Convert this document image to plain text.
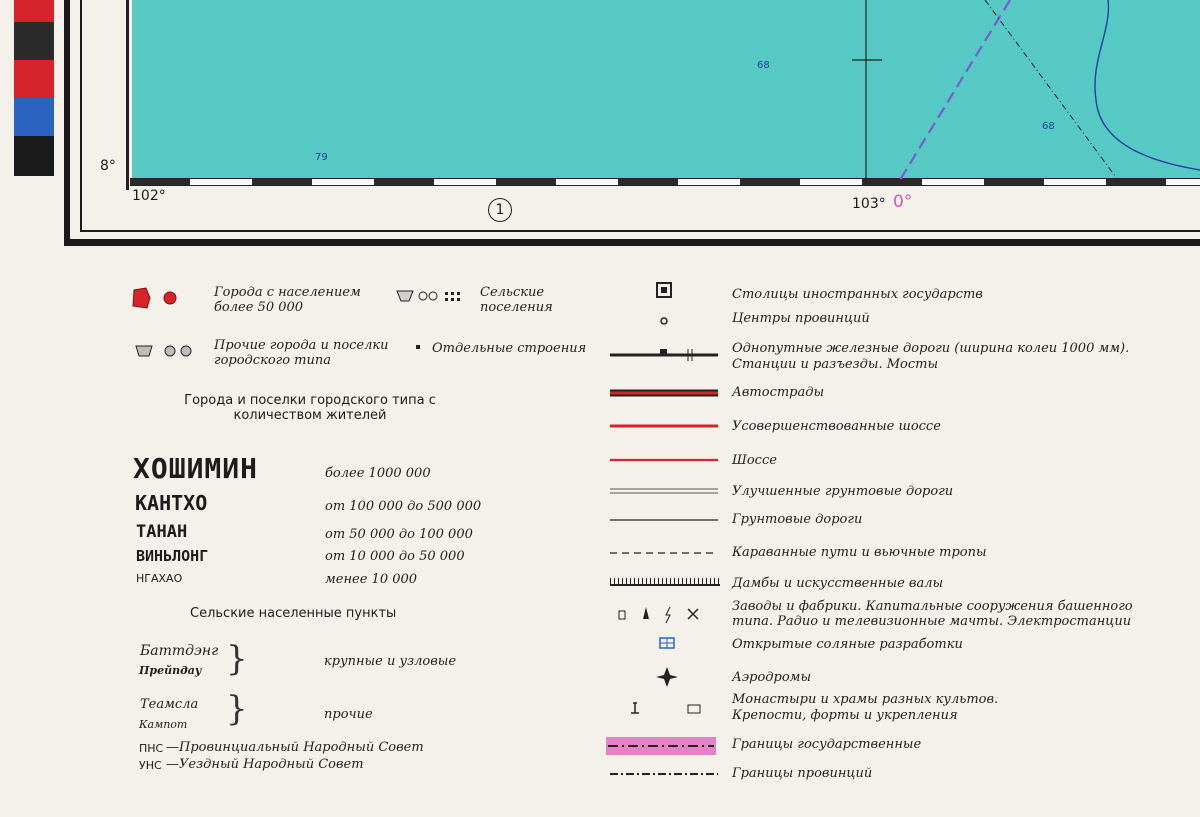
79
68
68
8°
102°	103° 0°
1
Города с населением более 50 000
Сельские поселения
Прочие города и поселки городского типа
Отдельные строения
Города и поселки городского типа с количеством жителей
ХОШИМИН	более 1000 000
КАНТХО	от 100 000 до 500 000
ТАНАН	от 50 000 до 100 000
ВИНЬЛОНГ	от 10 000 до 50 000
НГАХАО	менее 10 000
Сельские населенные пункты
Баттдэнг
Прейпдау }	крупные и узловые
Теамсла
Кампот }	прочие
ПНС —Провинциальный Народный Совет
УНС —Уездный Народный Совет
Столицы иностранных государств
Центры провинций
Однопутные железные дороги (ширина колеи 1000 мм).
Станции и разъезды. Мосты
Автострады
Усовершенствованные шоссе
Шоссе
Улучшенные грунтовые дороги
Грунтовые дороги
Караванные пути и вьючные тропы
Дамбы и искусственные валы
Заводы и фабрики. Капитальные сооружения башенного
типа. Радио и телевизионные мачты. Электростанции
Открытые соляные разработки
Аэродромы
Монастыри и храмы разных культов.
Крепости, форты и укрепления
Границы государственные
Границы провинций
